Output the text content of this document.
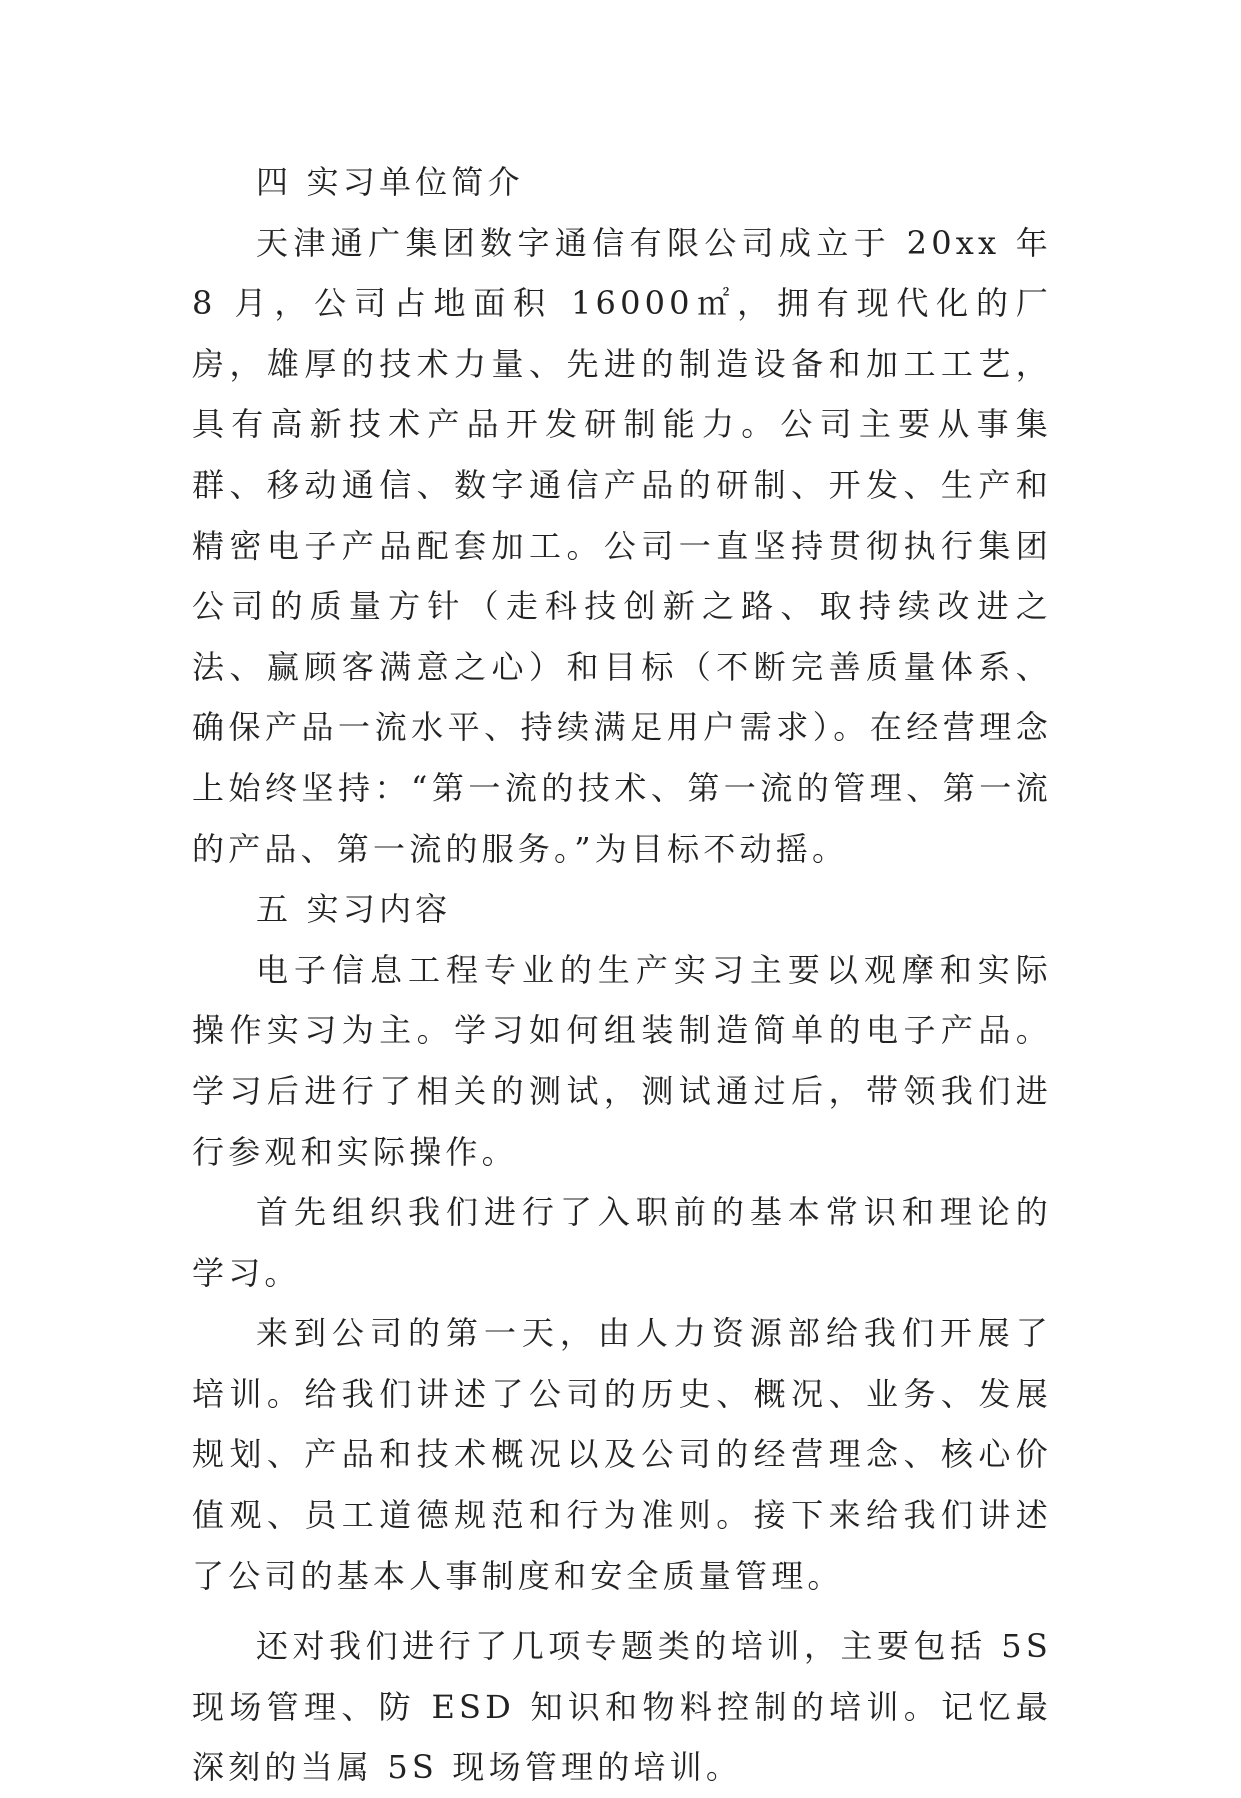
四 实习单位简介

天津通广集团数字通信有限公司成立于 20xx 年 8 月，公司占地面积 16000㎡，拥有现代化的厂房，雄厚的技术力量、先进的制造设备和加工工艺，具有高新技术产品开发研制能力。公司主要从事集群、移动通信、数字通信产品的研制、开发、生产和精密电子产品配套加工。公司一直坚持贯彻执行集团公司的质量方针（走科技创新之路、取持续改进之法、赢顾客满意之心）和目标（不断完善质量体系、确保产品一流水平、持续满足用户需求）。在经营理念上始终坚持：“第一流的技术、第一流的管理、第一流的产品、第一流的服务。”为目标不动摇。

五 实习内容

电子信息工程专业的生产实习主要以观摩和实际操作实习为主。学习如何组装制造简单的电子产品。学习后进行了相关的测试，测试通过后，带领我们进行参观和实际操作。

首先组织我们进行了入职前的基本常识和理论的学习。

来到公司的第一天，由人力资源部给我们开展了培训。给我们讲述了公司的历史、概况、业务、发展规划、产品和技术概况以及公司的经营理念、核心价值观、员工道德规范和行为准则。接下来给我们讲述了公司的基本人事制度和安全质量管理。

还对我们进行了几项专题类的培训，主要包括 5S 现场管理、防 ESD 知识和物料控制的培训。记忆最深刻的当属 5S 现场管理的培训。
